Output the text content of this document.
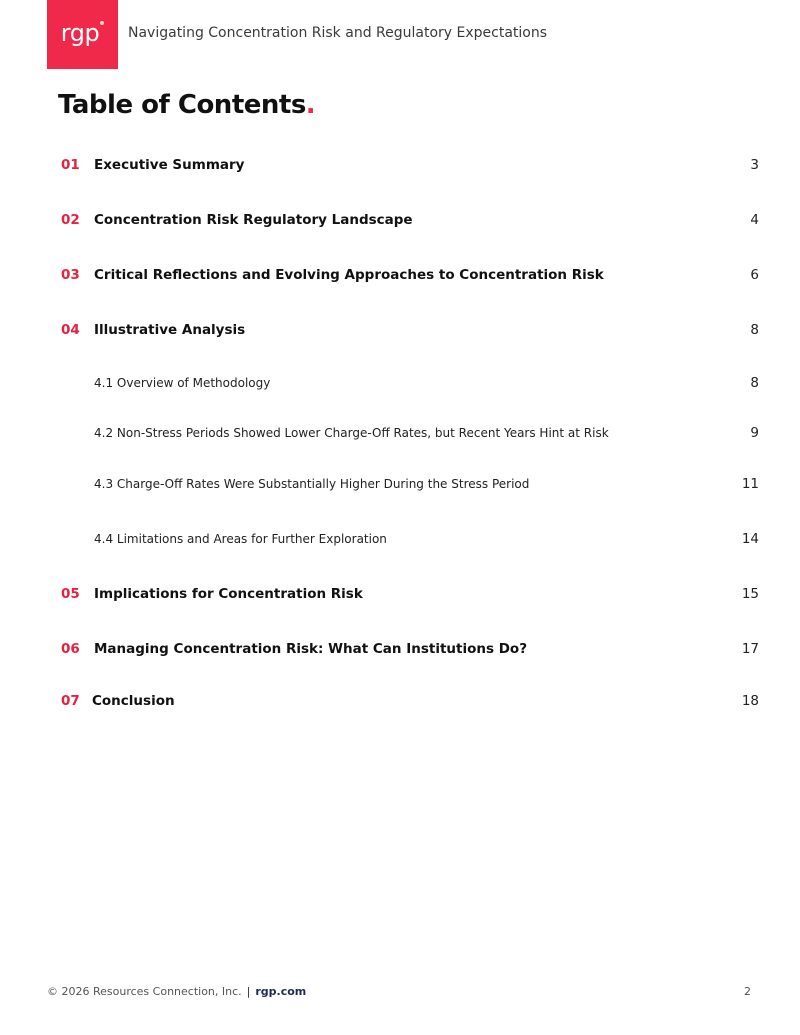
rgp Navigating Concentration Risk and Regulatory Expectations
Table of Contents.
01 Executive Summary	3
02 Concentration Risk Regulatory Landscape	4
03 Critical Reflections and Evolving Approaches to Concentration Risk	6
04 Illustrative Analysis	8
4.1 Overview of Methodology	8
4.2 Non-Stress Periods Showed Lower Charge-Off Rates, but Recent Years Hint at Risk	9
4.3 Charge-Off Rates Were Substantially Higher During the Stress Period	11
4.4 Limitations and Areas for Further Exploration	14
05 Implications for Concentration Risk	15
06 Managing Concentration Risk: What Can Institutions Do?	17
07 Conclusion	18
© 2026 Resources Connection, Inc. | rgp.com	2
